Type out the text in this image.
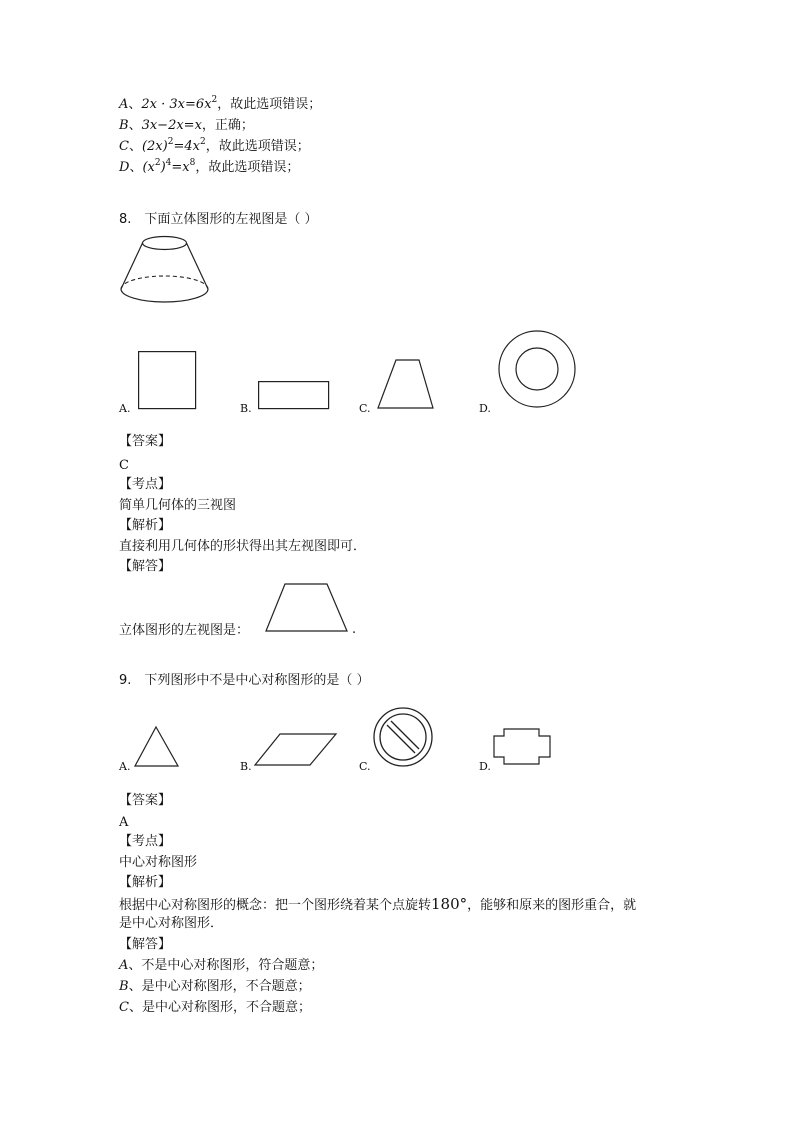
A、$2x \cdot 3x=6x^2$，故此选项错误；
B、3x−2x=x，正确；
C、$(2x)^2=4x^2$，故此选项错误；
D、$(x^2)^4=x^8$，故此选项错误；
8.　下面立体图形的左视图是（ ）
A.	B.	C.	D.
【答案】
C
【考点】
简单几何体的三视图
【解析】
直接利用几何体的形状得出其左视图即可．
【解答】
立体图形的左视图是：	.
9.　下列图形中不是中心对称图形的是（ ）
A.	B.	C.	D.
【答案】
A
【考点】
中心对称图形
【解析】
根据中心对称图形的概念：把一个图形绕着某个点旋转180°，能够和原来的图形重合，就
是中心对称图形．
【解答】
A、不是中心对称图形，符合题意；
B、是中心对称图形，不合题意；
C、是中心对称图形，不合题意；
